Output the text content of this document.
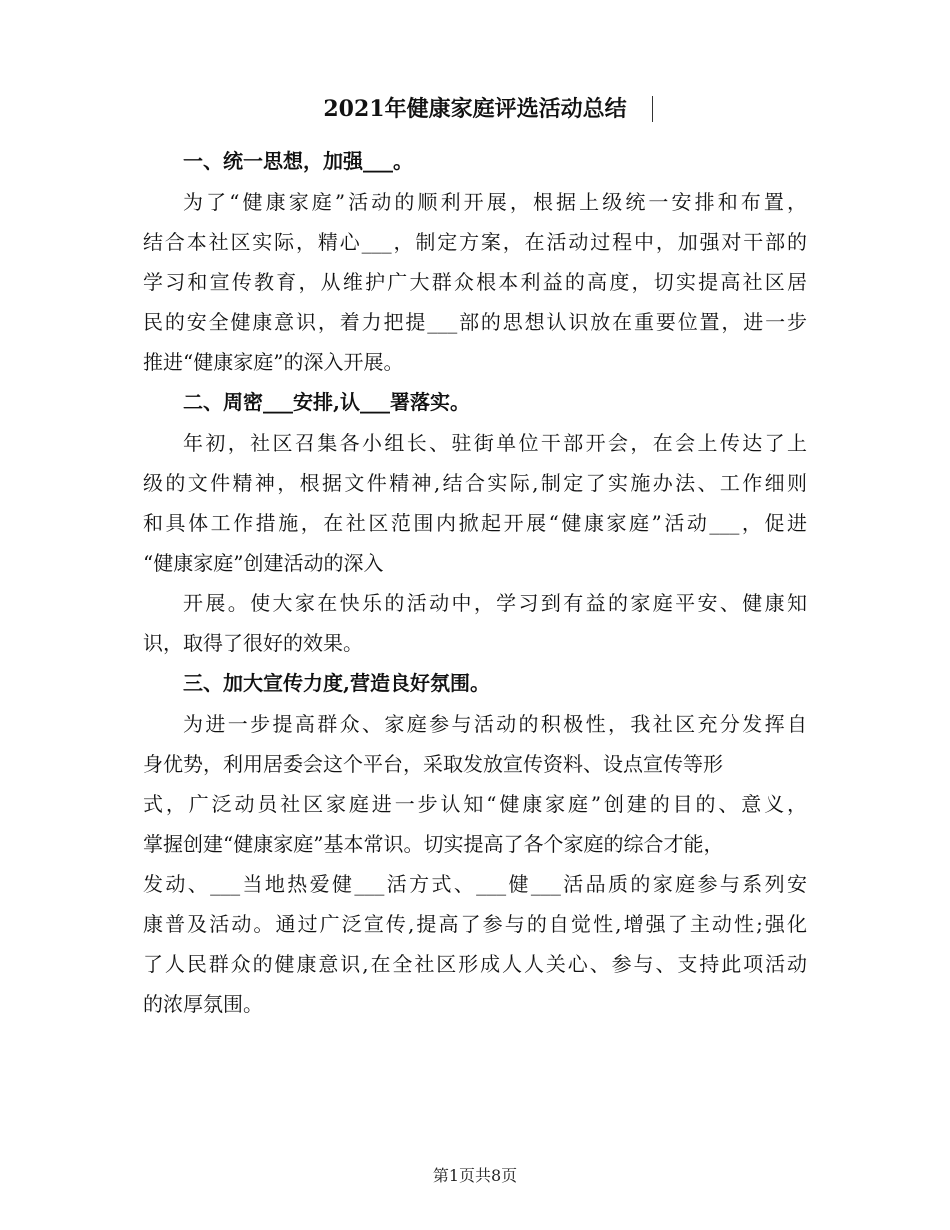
2021年健康家庭评选活动总结
一、统一思想，加强___。
为了“健康家庭”活动的顺利开展，根据上级统一安排和布置，
结合本社区实际，精心___，制定方案，在活动过程中，加强对干部的
学习和宣传教育，从维护广大群众根本利益的高度，切实提高社区居
民的安全健康意识，着力把提___部的思想认识放在重要位置，进一步
推进“健康家庭”的深入开展。
二、周密___安排,认___署落实。
年初，社区召集各小组长、驻街单位干部开会，在会上传达了上
级的文件精神，根据文件精神,结合实际,制定了实施办法、工作细则
和具体工作措施，在社区范围内掀起开展“健康家庭”活动___，促进
“健康家庭”创建活动的深入
开展。使大家在快乐的活动中，学习到有益的家庭平安、健康知
识，取得了很好的效果。
三、加大宣传力度,营造良好氛围。
为进一步提高群众、家庭参与活动的积极性，我社区充分发挥自
身优势，利用居委会这个平台，采取发放宣传资料、设点宣传等形
式，广泛动员社区家庭进一步认知“健康家庭”创建的目的、意义，
掌握创建“健康家庭”基本常识。切实提高了各个家庭的综合才能，
发动、___当地热爱健___活方式、___健___活品质的家庭参与系列安
康普及活动。通过广泛宣传,提高了参与的自觉性,增强了主动性;强化
了人民群众的健康意识,在全社区形成人人关心、参与、支持此项活动
的浓厚氛围。
第1页共8页
